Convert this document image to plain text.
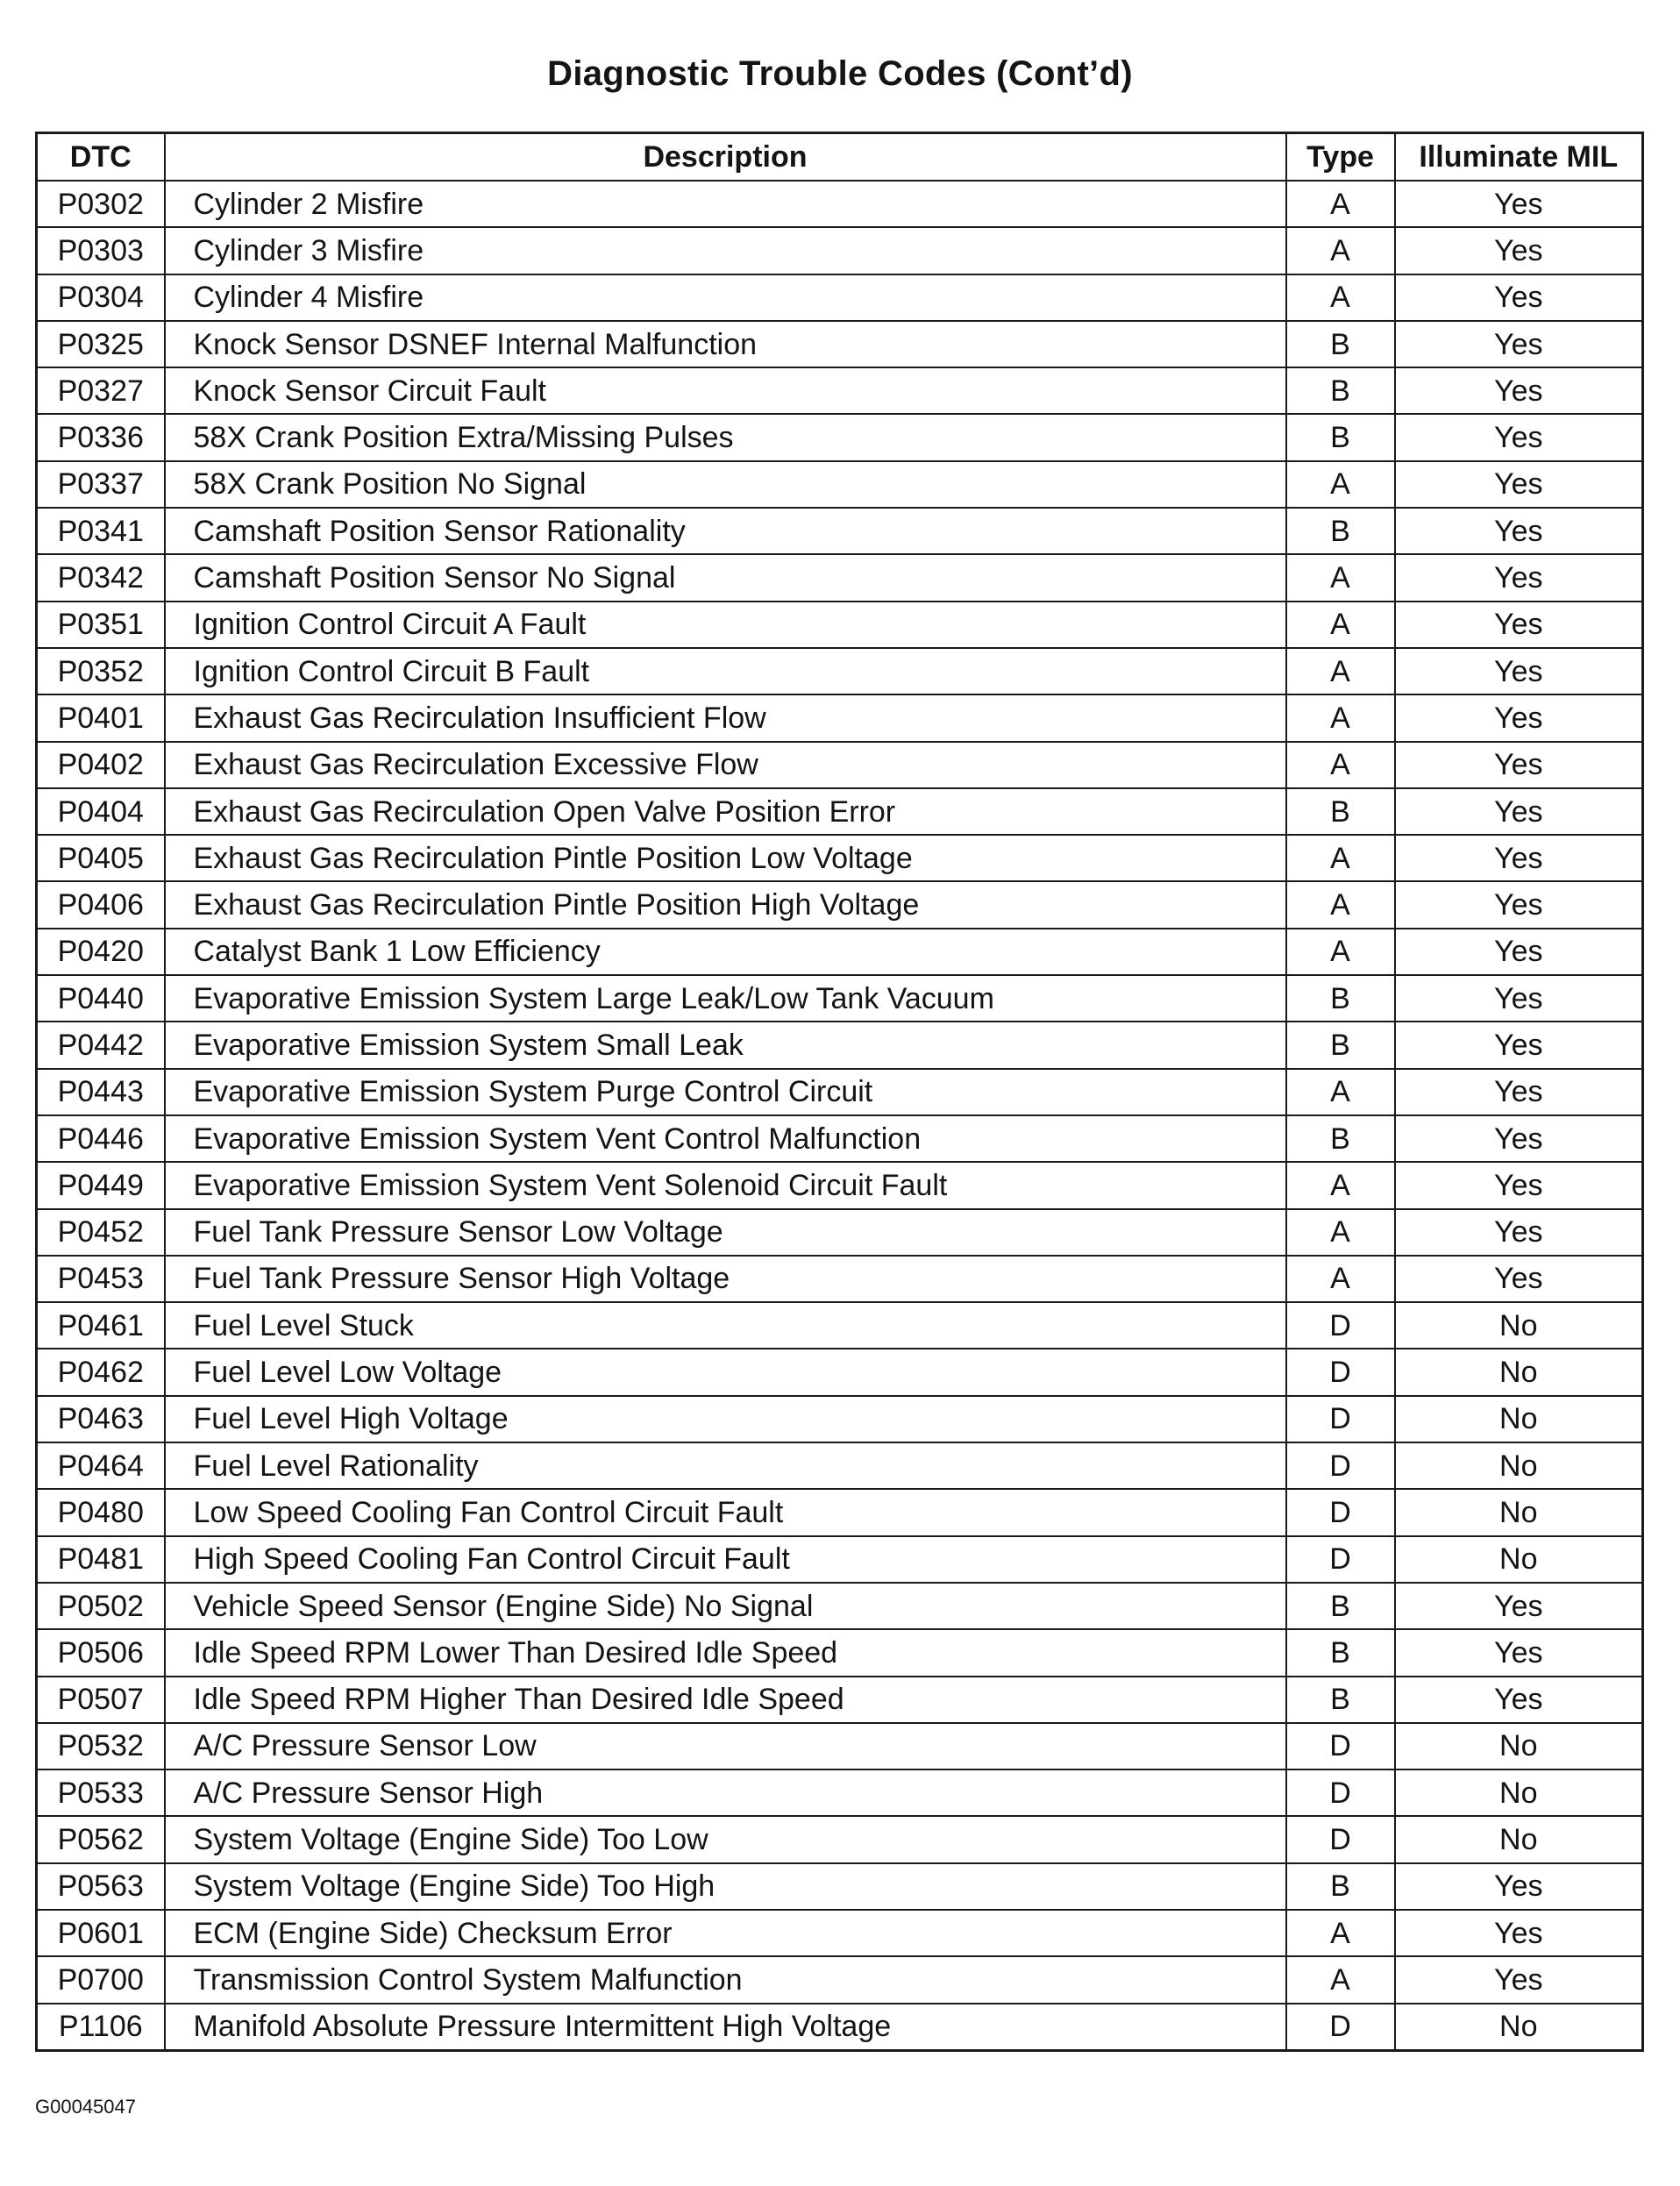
Diagnostic Trouble Codes (Cont’d)
DTC	Description	Type	Illuminate MIL
P0302	Cylinder 2 Misfire	A	Yes
P0303	Cylinder 3 Misfire	A	Yes
P0304	Cylinder 4 Misfire	A	Yes
P0325	Knock Sensor DSNEF Internal Malfunction	B	Yes
P0327	Knock Sensor Circuit Fault	B	Yes
P0336	58X Crank Position Extra/Missing Pulses	B	Yes
P0337	58X Crank Position No Signal	A	Yes
P0341	Camshaft Position Sensor Rationality	B	Yes
P0342	Camshaft Position Sensor No Signal	A	Yes
P0351	Ignition Control Circuit A Fault	A	Yes
P0352	Ignition Control Circuit B Fault	A	Yes
P0401	Exhaust Gas Recirculation Insufficient Flow	A	Yes
P0402	Exhaust Gas Recirculation Excessive Flow	A	Yes
P0404	Exhaust Gas Recirculation Open Valve Position Error	B	Yes
P0405	Exhaust Gas Recirculation Pintle Position Low Voltage	A	Yes
P0406	Exhaust Gas Recirculation Pintle Position High Voltage	A	Yes
P0420	Catalyst Bank 1 Low Efficiency	A	Yes
P0440	Evaporative Emission System Large Leak/Low Tank Vacuum	B	Yes
P0442	Evaporative Emission System Small Leak	B	Yes
P0443	Evaporative Emission System Purge Control Circuit	A	Yes
P0446	Evaporative Emission System Vent Control Malfunction	B	Yes
P0449	Evaporative Emission System Vent Solenoid Circuit Fault	A	Yes
P0452	Fuel Tank Pressure Sensor Low Voltage	A	Yes
P0453	Fuel Tank Pressure Sensor High Voltage	A	Yes
P0461	Fuel Level Stuck	D	No
P0462	Fuel Level Low Voltage	D	No
P0463	Fuel Level High Voltage	D	No
P0464	Fuel Level Rationality	D	No
P0480	Low Speed Cooling Fan Control Circuit Fault	D	No
P0481	High Speed Cooling Fan Control Circuit Fault	D	No
P0502	Vehicle Speed Sensor (Engine Side) No Signal	B	Yes
P0506	Idle Speed RPM Lower Than Desired Idle Speed	B	Yes
P0507	Idle Speed RPM Higher Than Desired Idle Speed	B	Yes
P0532	A/C Pressure Sensor Low	D	No
P0533	A/C Pressure Sensor High	D	No
P0562	System Voltage (Engine Side) Too Low	D	No
P0563	System Voltage (Engine Side) Too High	B	Yes
P0601	ECM (Engine Side) Checksum Error	A	Yes
P0700	Transmission Control System Malfunction	A	Yes
P1106	Manifold Absolute Pressure Intermittent High Voltage	D	No

G00045047
